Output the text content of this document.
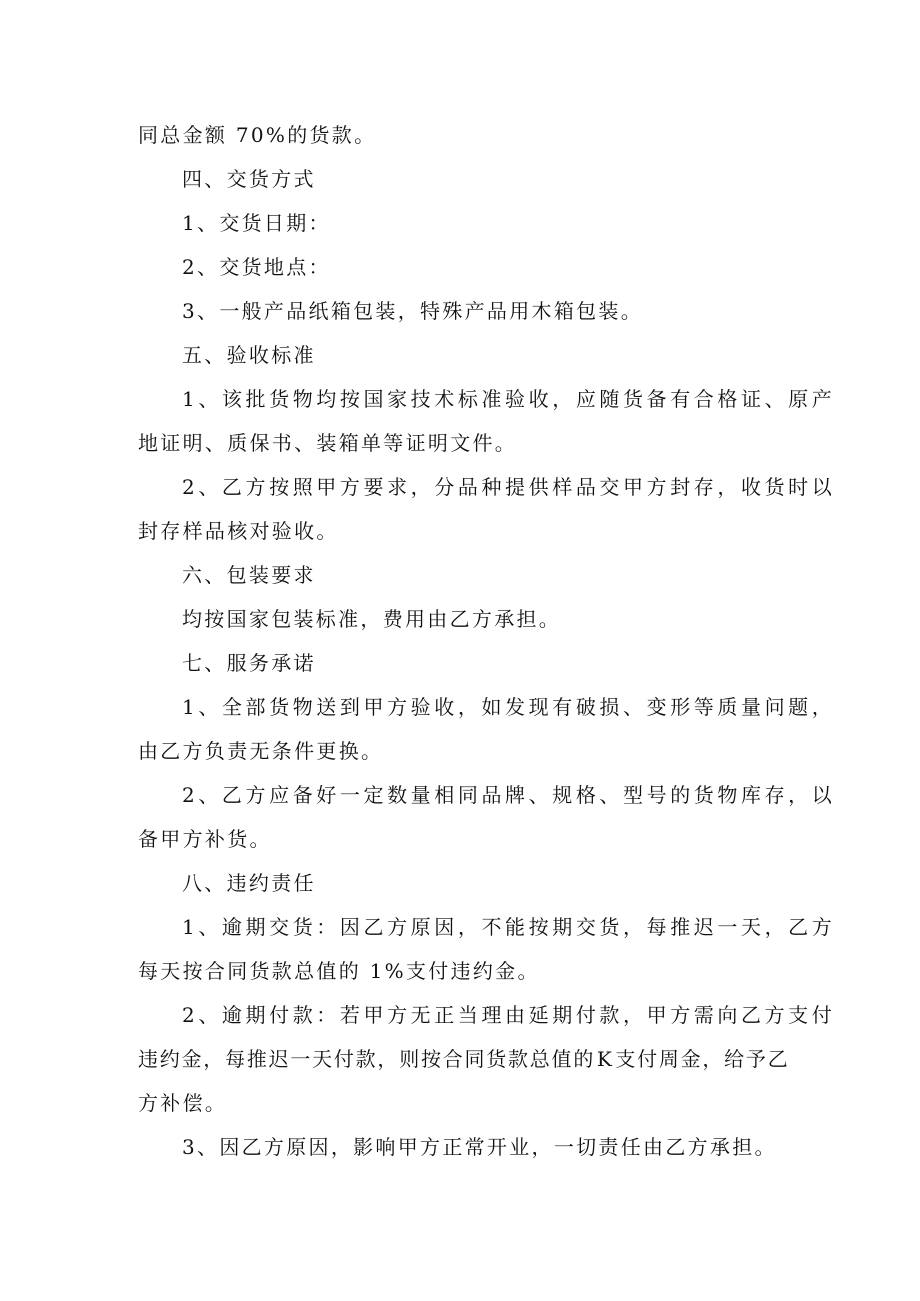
同总金额 70%的货款。
四、交货方式
1、交货日期：
2、交货地点：
3、一般产品纸箱包装，特殊产品用木箱包装。
五、验收标准
1 、 该 批 货 物 均 按 国 家 技 术 标 准 验 收 ， 应 随 货 备 有 合 格 证 、 原 产
地证明、质保书、装箱单等证明文件。
2 、 乙 方 按 照 甲 方 要 求 ， 分 品 种 提 供 样 品 交 甲 方 封 存 ， 收 货 时 以
封存样品核对验收。
六、包装要求
均按国家包装标准，费用由乙方承担。
七、服务承诺
1 、 全 部 货 物 送 到 甲 方 验 收 ， 如 发 现 有 破 损 、 变 形 等 质 量 问 题 ，
由乙方负责无条件更换。
2 、 乙 方 应 备 好 一 定 数 量 相 同 品 牌 、 规 格 、 型 号 的 货 物 库 存 ， 以
备甲方补货。
八、违约责任
1 、 逾 期 交 货 ： 因 乙 方 原 因 ， 不 能 按 期 交 货 ， 每 推 迟 一 天 ， 乙 方
每天按合同货款总值的 1%支付违约金。
2 、 逾 期 付 款 ： 若 甲 方 无 正 当 理 由 延 期 付 款 ， 甲 方 需 向 乙 方 支 付
违 约 金 ， 每 推 迟 一 天 付 款 ， 则 按 合 同 货 款 总 值 的 K 支 付 周 金 ， 给 予 乙
方补偿。
3、因乙方原因，影响甲方正常开业，一切责任由乙方承担。
